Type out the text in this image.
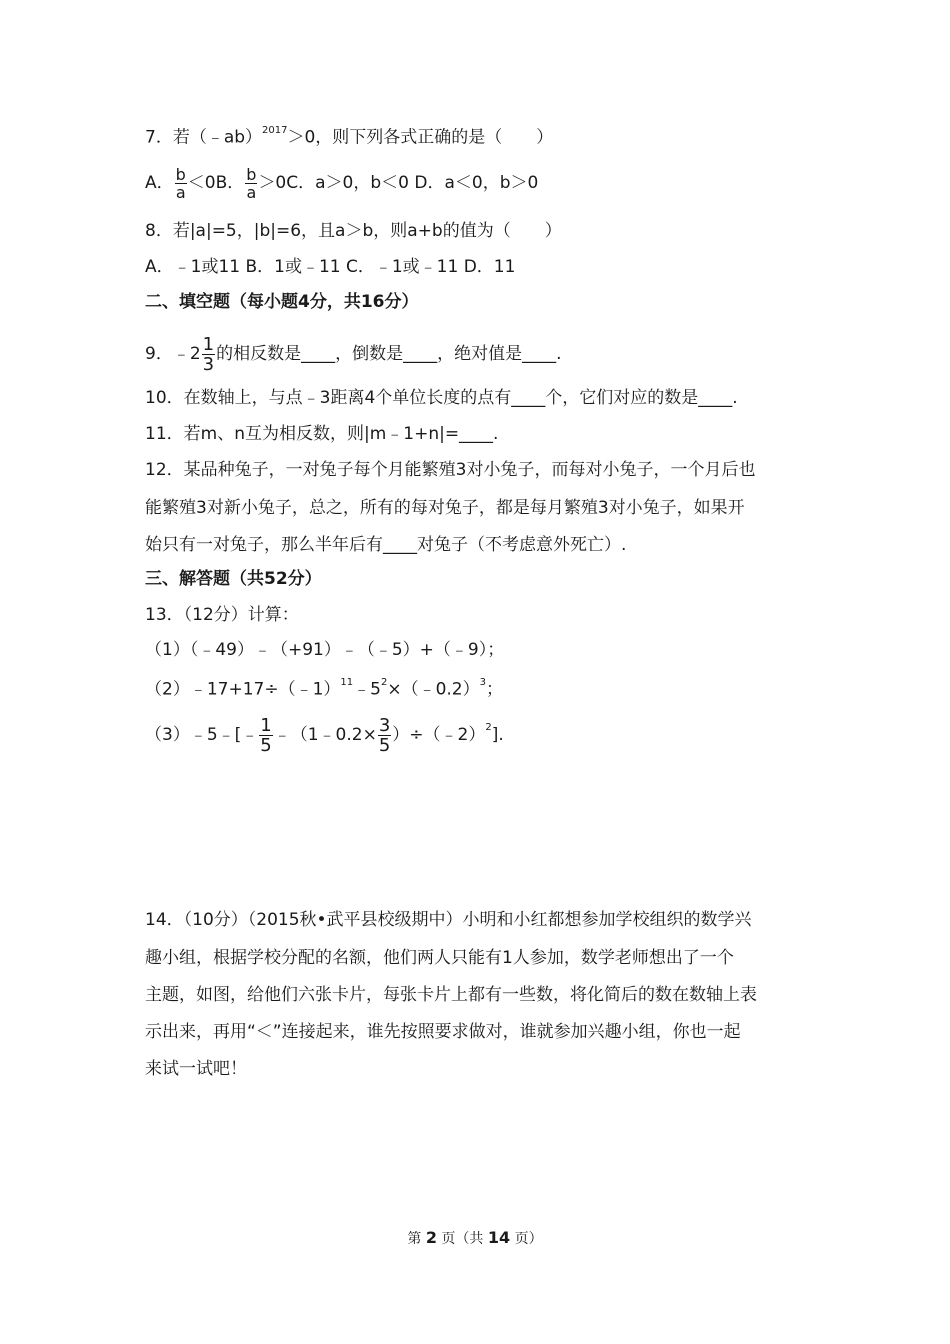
7．若（﹣ab）$^{2017}$＞0，则下列各式正确的是（　　）
A． $\frac{b}{a} <0B$． $\frac{b}{a} >0C$．a＞0，b＜0 D．a＜0，b＞0
8．若|a|=5，|b|=6，且a＞b，则a+b的值为（　　）
A．﹣1或11 B．1或﹣11 C．﹣1或﹣11 D．11
二、填空题（每小题4分，共16分）
9．﹣2 $\frac{1}{3}$ 的相反数是____，倒数是____，绝对值是____.
10．在数轴上，与点﹣3距离4个单位长度的点有____个，它们对应的数是____.
11．若m、n互为相反数，则|m﹣1+n|=____.
12．某品种兔子，一对兔子每个月能繁殖3对小兔子，而每对小兔子，一个月后也
能繁殖3对新小兔子，总之，所有的每对兔子，都是每月繁殖3对小兔子，如果开
始只有一对兔子，那么半年后有____对兔子（不考虑意外死亡）.
三、解答题（共52分）
13．（12分）计算：
（1）（﹣49）﹣（+91）﹣（﹣5）+（﹣9）；
$(2)﹣17+17\div(﹣1)^{11}﹣5^2\times(﹣0.2)^3$；
（3）﹣5﹣[﹣ $\frac{1}{5}$ ﹣（1﹣0.2× $\frac{3}{5}$ ）÷（﹣2）$^2$].
14．（10分）（2015秋•武平县校级期中）小明和小红都想参加学校组织的数学兴
趣小组，根据学校分配的名额，他们两人只能有1人参加，数学老师想出了一个
主题，如图，给他们六张卡片，每张卡片上都有一些数，将化简后的数在数轴上表
示出来，再用“＜”连接起来，谁先按照要求做对，谁就参加兴趣小组，你也一起
来试一试吧！
第 2 页（共 14 页）
